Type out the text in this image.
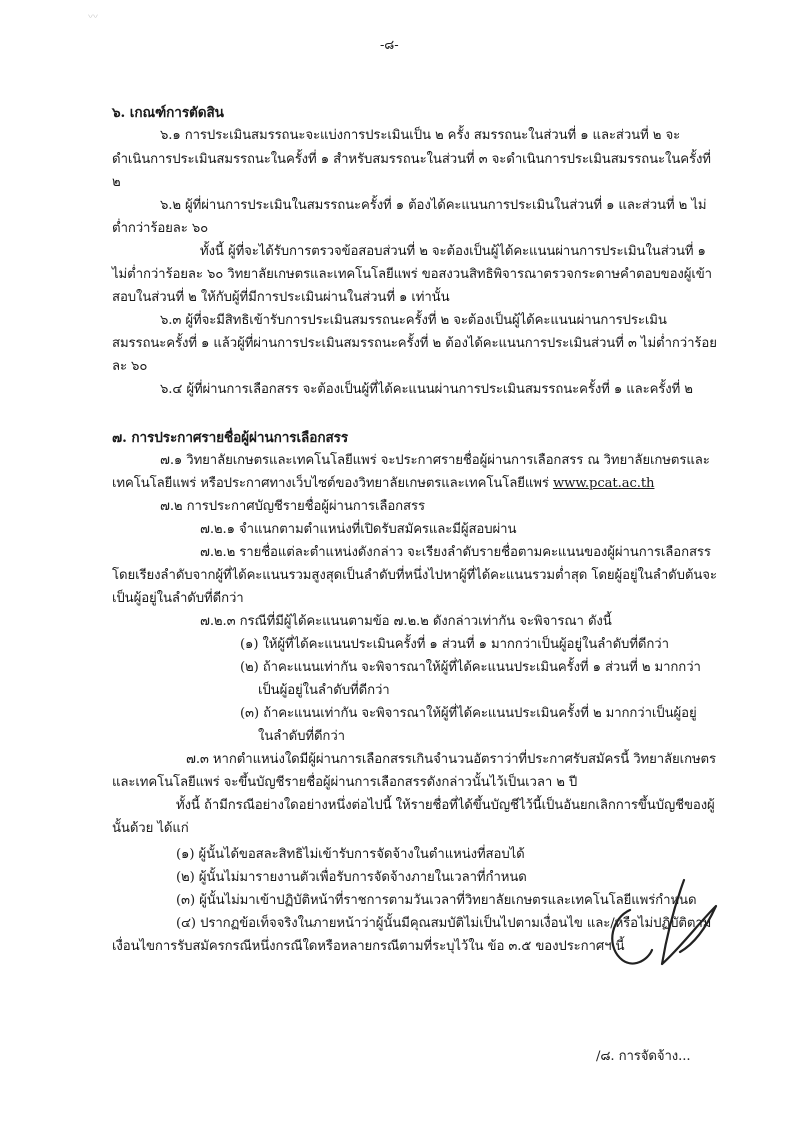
〰
-๘-
๖. เกณฑ์การตัดสิน
๖.๑ การประเมินสมรรถนะจะแบ่งการประเมินเป็น ๒ ครั้ง สมรรถนะในส่วนที่ ๑ และส่วนที่ ๒ จะ
ดำเนินการประเมินสมรรถนะในครั้งที่ ๑ สำหรับสมรรถนะในส่วนที่ ๓ จะดำเนินการประเมินสมรรถนะในครั้งที่
๒
๖.๒ ผู้ที่ผ่านการประเมินในสมรรถนะครั้งที่ ๑ ต้องได้คะแนนการประเมินในส่วนที่ ๑ และส่วนที่ ๒ ไม่
ต่ำกว่าร้อยละ ๖๐
ทั้งนี้ ผู้ที่จะได้รับการตรวจข้อสอบส่วนที่ ๒ จะต้องเป็นผู้ได้คะแนนผ่านการประเมินในส่วนที่ ๑
ไม่ต่ำกว่าร้อยละ ๖๐ วิทยาลัยเกษตรและเทคโนโลยีแพร่ ขอสงวนสิทธิพิจารณาตรวจกระดาษคำตอบของผู้เข้า
สอบในส่วนที่ ๒ ให้กับผู้ที่มีการประเมินผ่านในส่วนที่ ๑ เท่านั้น
๖.๓ ผู้ที่จะมีสิทธิเข้ารับการประเมินสมรรถนะครั้งที่ ๒ จะต้องเป็นผู้ได้คะแนนผ่านการประเมิน
สมรรถนะครั้งที่ ๑ แล้วผู้ที่ผ่านการประเมินสมรรถนะครั้งที่ ๒ ต้องได้คะแนนการประเมินส่วนที่ ๓ ไม่ต่ำกว่าร้อย
ละ ๖๐
๖.๔ ผู้ที่ผ่านการเลือกสรร จะต้องเป็นผู้ที่ได้คะแนนผ่านการประเมินสมรรถนะครั้งที่ ๑ และครั้งที่ ๒
๗. การประกาศรายชื่อผู้ผ่านการเลือกสรร
๗.๑ วิทยาลัยเกษตรและเทคโนโลยีแพร่ จะประกาศรายชื่อผู้ผ่านการเลือกสรร ณ วิทยาลัยเกษตรและ
เทคโนโลยีแพร่ หรือประกาศทางเว็บไซต์ของวิทยาลัยเกษตรและเทคโนโลยีแพร่ www.pcat.ac.th
๗.๒ การประกาศบัญชีรายชื่อผู้ผ่านการเลือกสรร
๗.๒.๑ จำแนกตามตำแหน่งที่เปิดรับสมัครและมีผู้สอบผ่าน
๗.๒.๒ รายชื่อแต่ละตำแหน่งดังกล่าว จะเรียงลำดับรายชื่อตามคะแนนของผู้ผ่านการเลือกสรร
โดยเรียงลำดับจากผู้ที่ได้คะแนนรวมสูงสุดเป็นลำดับที่หนึ่งไปหาผู้ที่ได้คะแนนรวมต่ำสุด โดยผู้อยู่ในลำดับต้นจะ
เป็นผู้อยู่ในลำดับที่ดีกว่า
๗.๒.๓ กรณีที่มีผู้ได้คะแนนตามข้อ ๗.๒.๒ ดังกล่าวเท่ากัน จะพิจารณา ดังนี้
(๑) ให้ผู้ที่ได้คะแนนประเมินครั้งที่ ๑ ส่วนที่ ๑ มากกว่าเป็นผู้อยู่ในลำดับที่ดีกว่า
(๒) ถ้าคะแนนเท่ากัน จะพิจารณาให้ผู้ที่ได้คะแนนประเมินครั้งที่ ๑ ส่วนที่ ๒ มากกว่า
เป็นผู้อยู่ในลำดับที่ดีกว่า
(๓) ถ้าคะแนนเท่ากัน จะพิจารณาให้ผู้ที่ได้คะแนนประเมินครั้งที่ ๒ มากกว่าเป็นผู้อยู่
ในลำดับที่ดีกว่า
๗.๓ หากตำแหน่งใดมีผู้ผ่านการเลือกสรรเกินจำนวนอัตราว่าที่ประกาศรับสมัครนี้ วิทยาลัยเกษตร
และเทคโนโลยีแพร่ จะขึ้นบัญชีรายชื่อผู้ผ่านการเลือกสรรดังกล่าวนั้นไว้เป็นเวลา ๒ ปี
ทั้งนี้ ถ้ามีกรณีอย่างใดอย่างหนึ่งต่อไปนี้ ให้รายชื่อที่ได้ขึ้นบัญชีไว้นี้เป็นอันยกเลิกการขึ้นบัญชีของผู้
นั้นด้วย ได้แก่
(๑) ผู้นั้นได้ขอสละสิทธิไม่เข้ารับการจัดจ้างในตำแหน่งที่สอบได้
(๒) ผู้นั้นไม่มารายงานตัวเพื่อรับการจัดจ้างภายในเวลาที่กำหนด
(๓) ผู้นั้นไม่มาเข้าปฏิบัติหน้าที่ราชการตามวันเวลาที่วิทยาลัยเกษตรและเทคโนโลยีแพร่กำหนด
(๔) ปรากฏข้อเท็จจริงในภายหน้าว่าผู้นั้นมีคุณสมบัติไม่เป็นไปตามเงื่อนไข และ/หรือไม่ปฏิบัติตาม
เงื่อนไขการรับสมัครกรณีหนึ่งกรณีใดหรือหลายกรณีตามที่ระบุไว้ใน ข้อ ๓.๕ ของประกาศฯ นี้
/๘. การจัดจ้าง...
